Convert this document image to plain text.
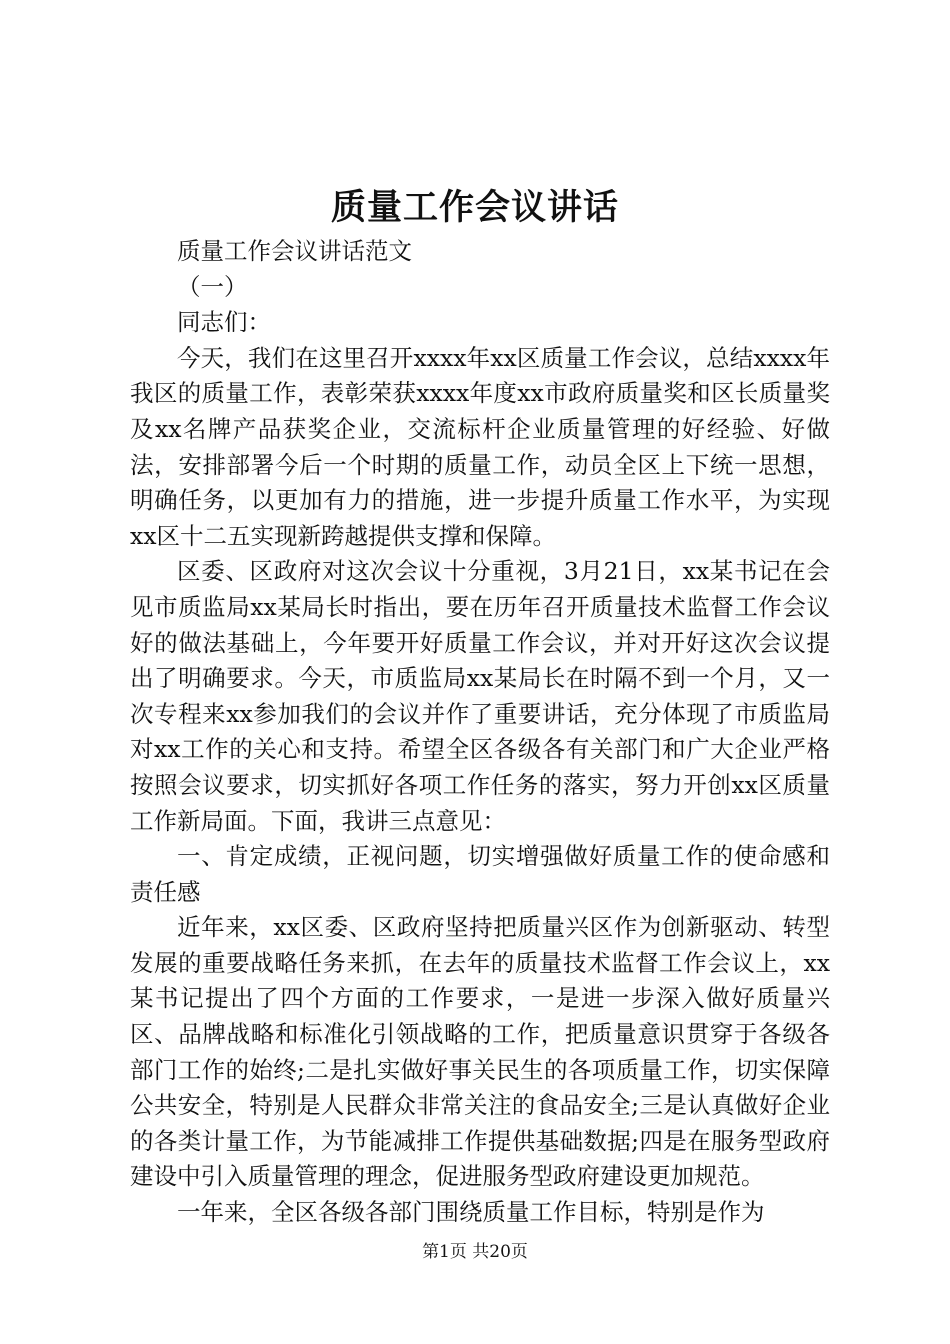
质量工作会议讲话

质量工作会议讲话范文

（一）

同志们：

今天，我们在这里召开xxxx年xx区质量工作会议，总结xxxx年我区的质量工作，表彰荣获xxxx年度xx市政府质量奖和区长质量奖及xx名牌产品获奖企业，交流标杆企业质量管理的好经验、好做法，安排部署今后一个时期的质量工作，动员全区上下统一思想，明确任务，以更加有力的措施，进一步提升质量工作水平，为实现xx区十二五实现新跨越提供支撑和保障。

区委、区政府对这次会议十分重视，3月21日，xx某书记在会见市质监局xx某局长时指出，要在历年召开质量技术监督工作会议好的做法基础上，今年要开好质量工作会议，并对开好这次会议提出了明确要求。今天，市质监局xx某局长在时隔不到一个月，又一次专程来xx参加我们的会议并作了重要讲话，充分体现了市质监局对xx工作的关心和支持。希望全区各级各有关部门和广大企业严格按照会议要求，切实抓好各项工作任务的落实，努力开创xx区质量工作新局面。下面，我讲三点意见：

一、肯定成绩，正视问题，切实增强做好质量工作的使命感和责任感

近年来，xx区委、区政府坚持把质量兴区作为创新驱动、转型发展的重要战略任务来抓，在去年的质量技术监督工作会议上，xx某书记提出了四个方面的工作要求，一是进一步深入做好质量兴区、品牌战略和标准化引领战略的工作，把质量意识贯穿于各级各部门工作的始终;二是扎实做好事关民生的各项质量工作，切实保障公共安全，特别是人民群众非常关注的食品安全;三是认真做好企业的各类计量工作，为节能减排工作提供基础数据;四是在服务型政府建设中引入质量管理的理念，促进服务型政府建设更加规范。

一年来，全区各级各部门围绕质量工作目标，特别是作为

第1页 共20页
